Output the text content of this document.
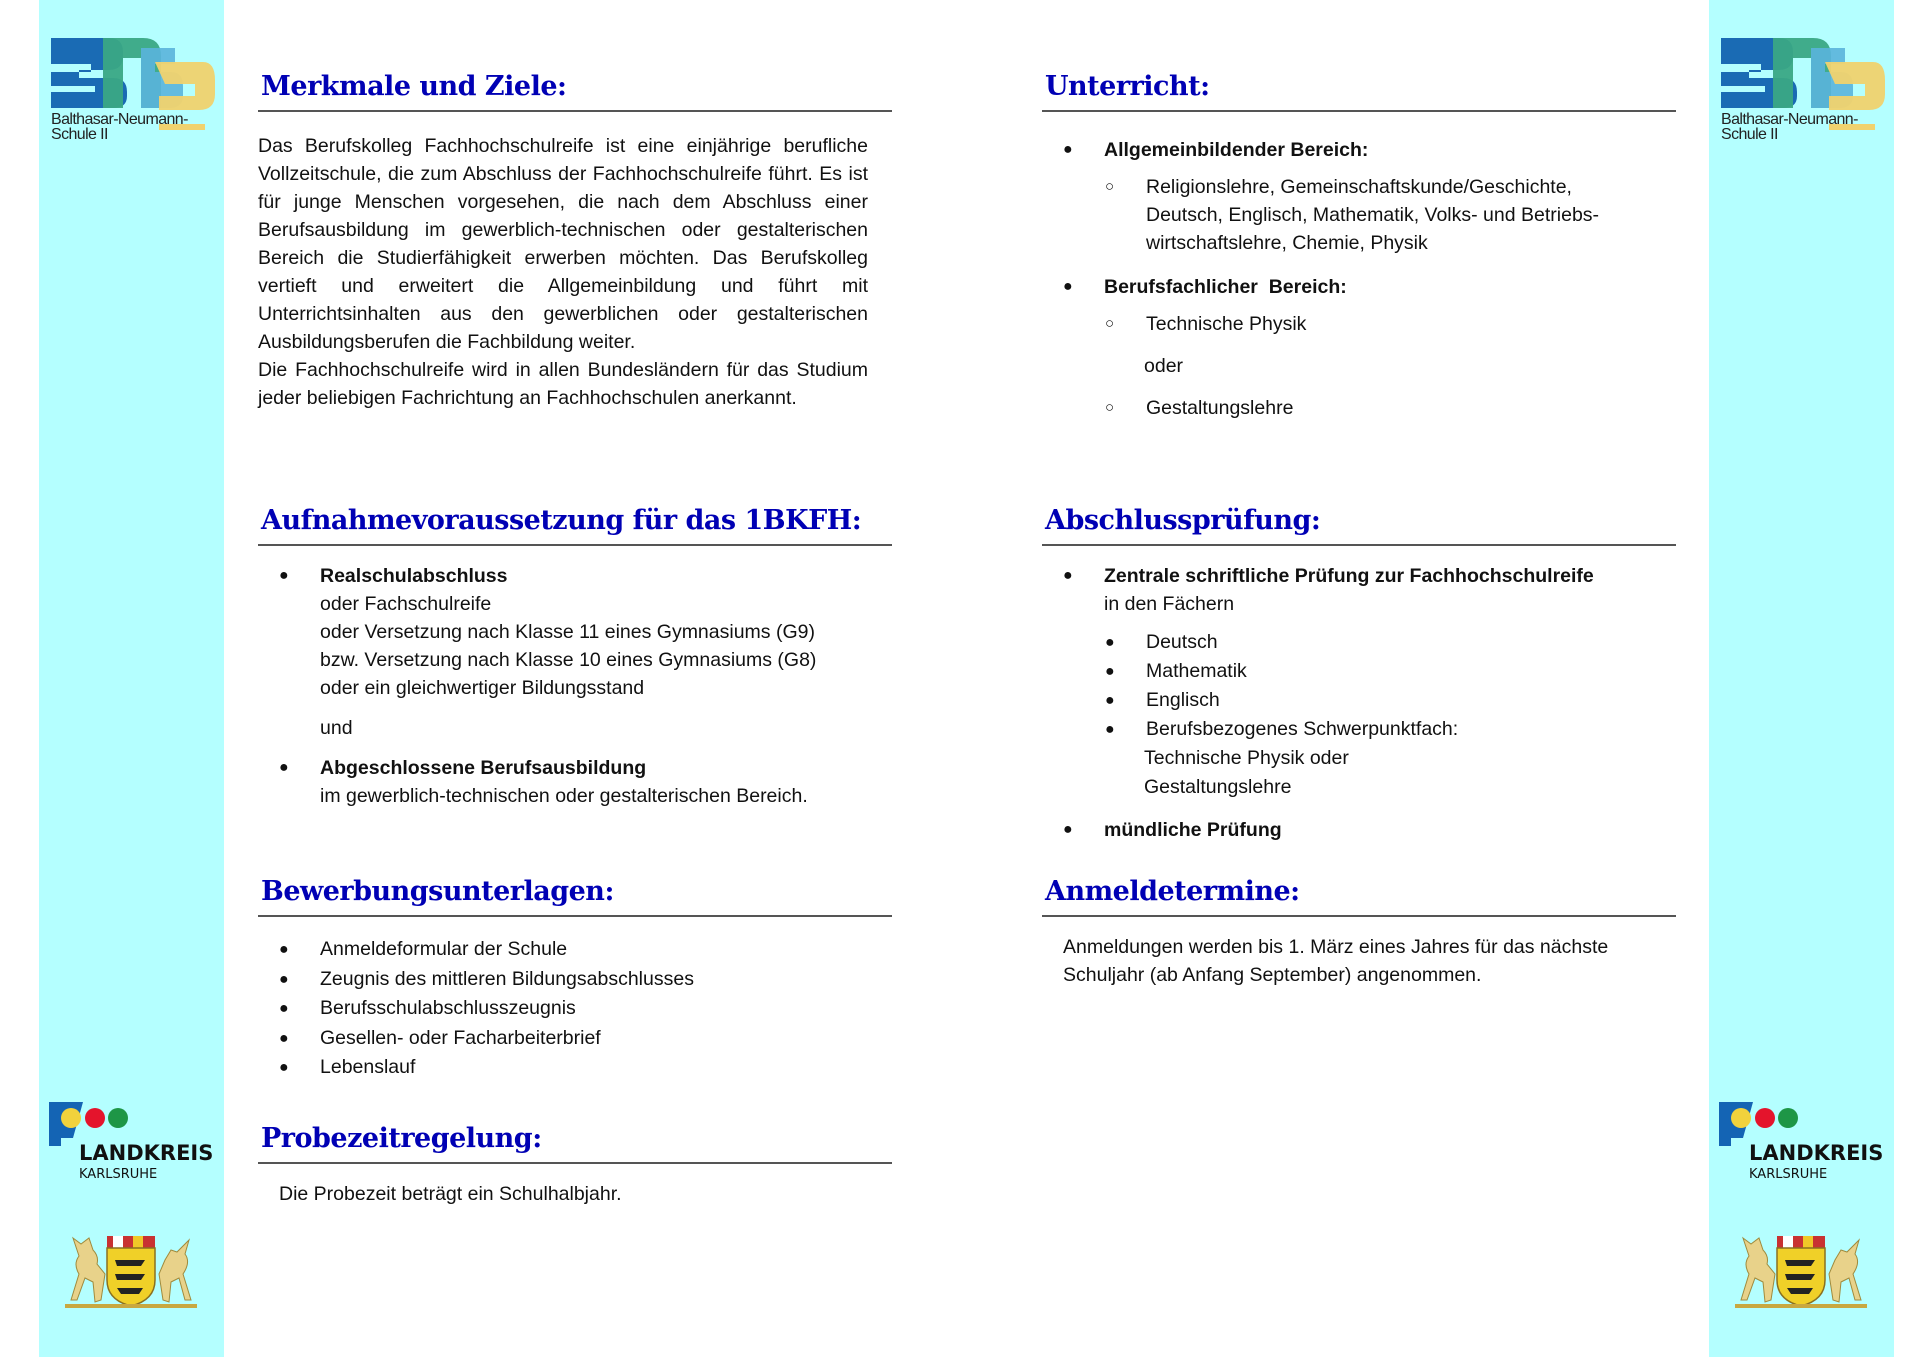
Balthasar-Neumann-
Schule II
LANDKREIS
KARLSRUHE
Balthasar-Neumann-
Schule II
LANDKREIS
KARLSRUHE
Merkmale und Ziele:

Das Berufskolleg Fachhochschulreife ist eine einjährige berufliche Vollzeitschule, die zum Abschluss der Fachhochschulreife führt. Es ist für junge Menschen vorgesehen, die nach dem Abschluss einer Berufsausbildung im gewerblich-technischen oder gestalterischen Bereich die Studierfähigkeit erwerben möchten. Das Berufskolleg vertieft und erweitert die Allgemeinbildung und führt mit Unterrichtsinhalten aus den gewerblichen oder gestalterischen Ausbildungsberufen die Fachbildung weiter.

Die Fachhochschulreife wird in allen Bundesländern für das Studium jeder beliebigen Fachrichtung an Fachhochschulen anerkannt.

Aufnahmevoraussetzung für das 1BKFH:
● Realschulabschluss
oder Fachschulreife
oder Versetzung nach Klasse 11 eines Gymnasiums (G9)
bzw. Versetzung nach Klasse 10 eines Gymnasiums (G8)
oder ein gleichwertiger Bildungsstand
und
● Abgeschlossene Berufsausbildung
im gewerblich-technischen oder gestalterischen Bereich.
Bewerbungsunterlagen:
● Anmeldeformular der Schule
● Zeugnis des mittleren Bildungsabschlusses
● Berufsschulabschlusszeugnis
● Gesellen- oder Facharbeiterbrief
● Lebenslauf
Probezeitregelung:
Die Probezeit beträgt ein Schulhalbjahr.
Unterricht:
● Allgemeinbildender Bereich:
○ Religionslehre, Gemeinschaftskunde/Geschichte,
Deutsch, Englisch, Mathematik, Volks- und Betriebs-
wirtschaftslehre, Chemie, Physik
● Berufsfachlicher  Bereich:
○ Technische Physik
oder
○ Gestaltungslehre
Abschlussprüfung:
● Zentrale schriftliche Prüfung zur Fachhochschulreife
in den Fächern
● Deutsch
● Mathematik
● Englisch
● Berufsbezogenes Schwerpunktfach:
Technische Physik oder
Gestaltungslehre
● mündliche Prüfung
Anmeldetermine:
Anmeldungen werden bis 1. März eines Jahres für das nächste
Schuljahr (ab Anfang September) angenommen.
